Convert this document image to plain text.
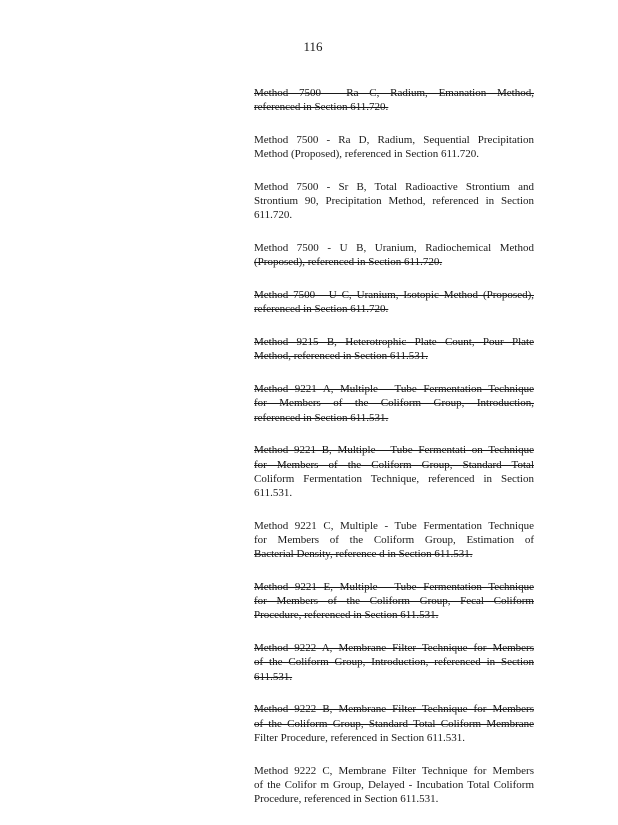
116
Method 7500 - Ra C, Radium, Emanation Method,
referenced in Section 611.720.
Method 7500 - Ra D, Radium, Sequential Precipitation
Method (Proposed), referenced in Section 611.720.
Method 7500 - Sr B, Total Radioactive Strontium and
Strontium 90, Precipitation Method, referenced in Section
611.720.
Method 7500 - U B, Uranium, Radiochemical Method
(Proposed), referenced in Section 611.720.
Method 7500 - U C, Uranium, Isotopic Method (Proposed),
referenced in Section 611.720.
Method 9215 B, Heterotrophic Plate Count, Pour Plate
Method, referenced in Section 611.531.
Method 9221 A, Multiple - Tube Fermentation Technique
for Members of the Coliform Group, Introduction,
referenced in Section 611.531.
Method 9221 B, Multiple - Tube Fermentati on Technique
for Members of the Coliform Group, Standard Total
Coliform Fermentation Technique, referenced in Section
611.531.
Method 9221 C, Multiple - Tube Fermentation Technique
for Members of the Coliform Group, Estimation of
Bacterial Density, reference d in Section 611.531.
Method 9221 E, Multiple - Tube Fermentation Technique
for Members of the Coliform Group, Fecal Coliform
Procedure, referenced in Section 611.531.
Method 9222 A, Membrane Filter Technique for Members
of the Coliform Group, Introduction, referenced in Section
611.531.
Method 9222 B, Membrane Filter Technique for Members
of the Coliform Group, Standard Total Coliform Membrane
Filter Procedure, referenced in Section 611.531.
Method 9222 C, Membrane Filter Technique for Members
of the Colifor m Group, Delayed - Incubation Total Coliform
Procedure, referenced in Section 611.531.
